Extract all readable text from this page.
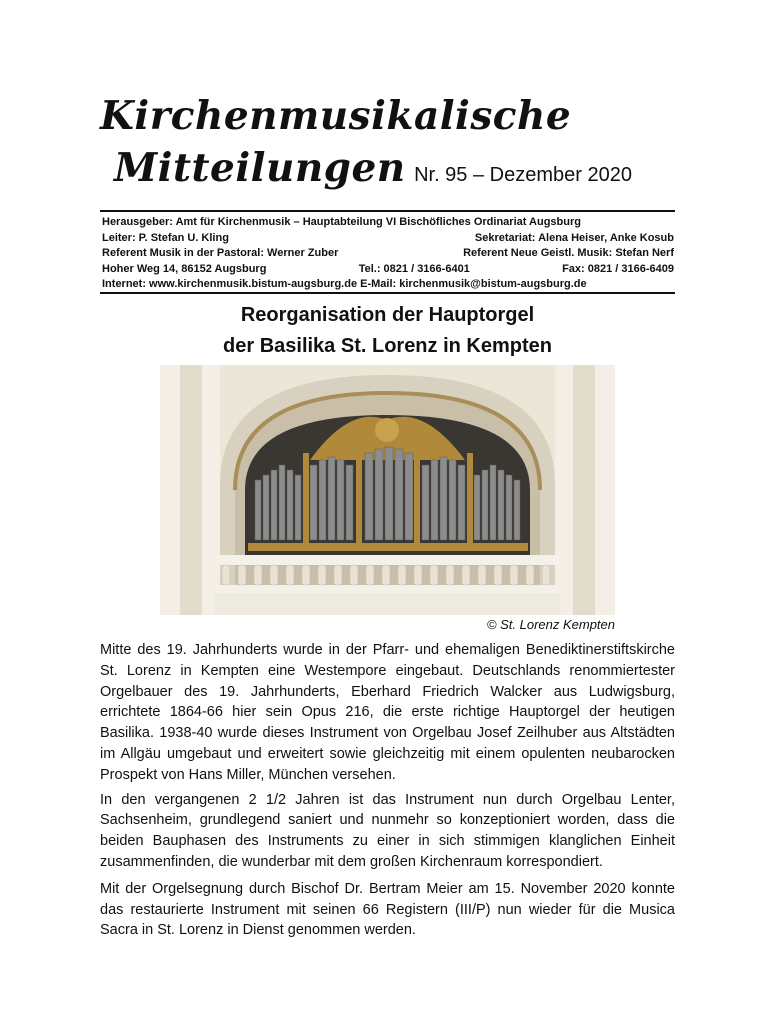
Kirchenmusikalische
Mitteilungen Nr. 95 – Dezember 2020
Herausgeber: Amt für Kirchenmusik – Hauptabteilung VI Bischöfliches Ordinariat Augsburg
Leiter: P. Stefan U. Kling	Sekretariat: Alena Heiser, Anke Kosub
Referent Musik in der Pastoral: Werner Zuber	Referent Neue Geistl. Musik: Stefan Nerf
Hoher Weg 14, 86152 Augsburg	Tel.: 0821 / 3166-6401	Fax: 0821 / 3166-6409
Internet: www.kirchenmusik.bistum-augsburg.de E-Mail: kirchenmusik@bistum-augsburg.de
Reorganisation der Hauptorgel
der Basilika St. Lorenz in Kempten
© St. Lorenz Kempten

Mitte des 19. Jahrhunderts wurde in der Pfarr- und ehemaligen Benediktinerstiftskirche St. Lorenz in Kempten eine Westempore eingebaut. Deutschlands renommiertester Orgelbauer des 19. Jahrhunderts, Eberhard Friedrich Walcker aus Ludwigsburg, errichtete 1864-66 hier sein Opus 216, die erste richtige Hauptorgel der heutigen Basilika. 1938-40 wurde dieses Instrument von Orgelbau Josef Zeilhuber aus Altstädten im Allgäu umgebaut und erweitert sowie gleichzeitig mit einem opulenten neubarocken Prospekt von Hans Miller, München versehen.

In den vergangenen 2 1/2 Jahren ist das Instrument nun durch Orgelbau Lenter, Sachsenheim, grundlegend saniert und nunmehr so konzeptioniert worden, dass die beiden Bauphasen des Instruments zu einer in sich stimmigen klanglichen Einheit zusammenfinden, die wunderbar mit dem großen Kirchenraum korrespondiert.

Mit der Orgelsegnung durch Bischof Dr. Bertram Meier am 15. November 2020 konnte das restaurierte Instrument mit seinen 66 Registern (III/P) nun wieder für die Musica Sacra in St. Lorenz in Dienst genommen werden.
